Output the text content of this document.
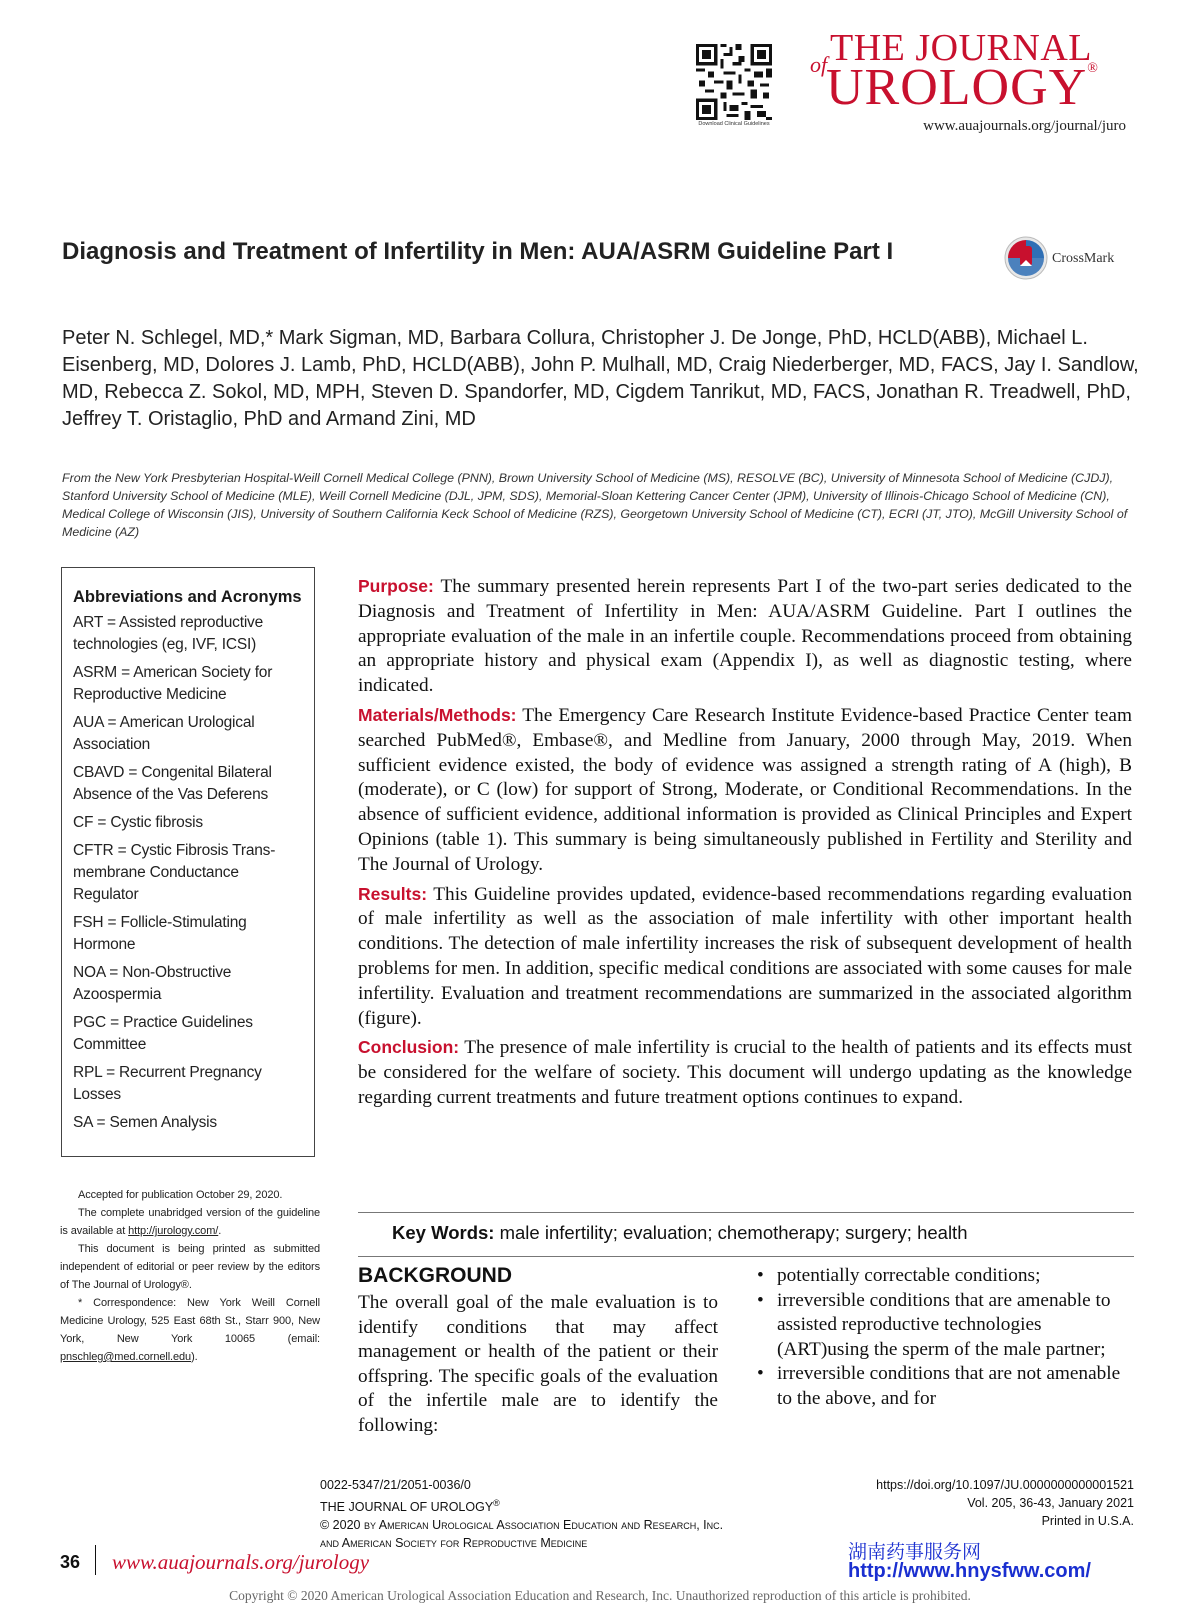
Download Clinical Guidelines
THE JOURNAL
of
UROLOGY®
www.auajournals.org/journal/juro
Diagnosis and Treatment of Infertility in Men: AUA/ASRM Guideline Part I	CrossMark
Peter N. Schlegel, MD,* Mark Sigman, MD, Barbara Collura, Christopher J. De Jonge, PhD, HCLD(ABB), Michael L. Eisenberg, MD, Dolores J. Lamb, PhD, HCLD(ABB), John P. Mulhall, MD, Craig Niederberger, MD, FACS, Jay I. Sandlow, MD, Rebecca Z. Sokol, MD, MPH, Steven D. Spandorfer, MD, Cigdem Tanrikut, MD, FACS, Jonathan R. Treadwell, PhD, Jeffrey T. Oristaglio, PhD and Armand Zini, MD
From the New York Presbyterian Hospital-Weill Cornell Medical College (PNN), Brown University School of Medicine (MS), RESOLVE (BC), University of Minnesota School of Medicine (CJDJ), Stanford University School of Medicine (MLE), Weill Cornell Medicine (DJL, JPM, SDS), Memorial-Sloan Kettering Cancer Center (JPM), University of Illinois-Chicago School of Medicine (CN), Medical College of Wisconsin (JIS), University of Southern California Keck School of Medicine (RZS), Georgetown University School of Medicine (CT), ECRI (JT, JTO), McGill University School of Medicine (AZ)
Abbreviations and Acronyms
ART = Assisted reproductive technologies (eg, IVF, ICSI)
ASRM = American Society for Reproductive Medicine
AUA = American Urological Association
CBAVD = Congenital Bilateral Absence of the Vas Deferens
CF = Cystic fibrosis
CFTR = Cystic Fibrosis Trans-membrane Conductance Regulator
FSH = Follicle-Stimulating Hormone
NOA = Non-Obstructive Azoospermia
PGC = Practice Guidelines Committee
RPL = Recurrent Pregnancy Losses
SA = Semen Analysis

Accepted for publication October 29, 2020.

The complete unabridged version of the guideline is available at http://jurology.com/.

This document is being printed as submitted independent of editorial or peer review by the editors of The Journal of Urology®.

* Correspondence: New York Weill Cornell Medicine Urology, 525 East 68th St., Starr 900, New York, New York 10065 (email: pnschleg@med.cornell.edu).

Purpose: The summary presented herein represents Part I of the two-part series dedicated to the Diagnosis and Treatment of Infertility in Men: AUA/ASRM Guideline. Part I outlines the appropriate evaluation of the male in an infertile couple. Recommendations proceed from obtaining an appropriate history and physical exam (Appendix I), as well as diagnostic testing, where indicated.

Materials/Methods: The Emergency Care Research Institute Evidence-based Practice Center team searched PubMed®, Embase®, and Medline from January, 2000 through May, 2019. When sufficient evidence existed, the body of evidence was assigned a strength rating of A (high), B (moderate), or C (low) for support of Strong, Moderate, or Conditional Recommendations. In the absence of sufficient evidence, additional information is provided as Clinical Principles and Expert Opinions (table 1). This summary is being simultaneously published in Fertility and Sterility and The Journal of Urology.

Results: This Guideline provides updated, evidence-based recommendations regarding evaluation of male infertility as well as the association of male infertility with other important health conditions. The detection of male infertility increases the risk of subsequent development of health problems for men. In addition, specific medical conditions are associated with some causes for male infertility. Evaluation and treatment recommendations are summarized in the associated algorithm (figure).

Conclusion: The presence of male infertility is crucial to the health of patients and its effects must be considered for the welfare of society. This document will undergo updating as the knowledge regarding current treatments and future treatment options continues to expand.

Key Words: male infertility; evaluation; chemotherapy; surgery; health
BACKGROUND
The overall goal of the male evaluation is to identify conditions that may affect management or health of the patient or their offspring. The specific goals of the evaluation of the infertile male are to identify the following:
• potentially correctable conditions;
• irreversible conditions that are amenable to assisted reproductive technologies (ART)using the sperm of the male partner;
• irreversible conditions that are not amenable to the above, and for
0022-5347/21/2051-0036/0
THE JOURNAL OF UROLOGY®
© 2020 by American Urological Association Education and Research, Inc.
and American Society for Reproductive Medicine
https://doi.org/10.1097/JU.0000000000001521
Vol. 205, 36-43, January 2021
Printed in U.S.A.
36 www.auajournals.org/jurology	湖南药事服务网
http://www.hnysfww.com/
Copyright © 2020 American Urological Association Education and Research, Inc. Unauthorized reproduction of this article is prohibited.
